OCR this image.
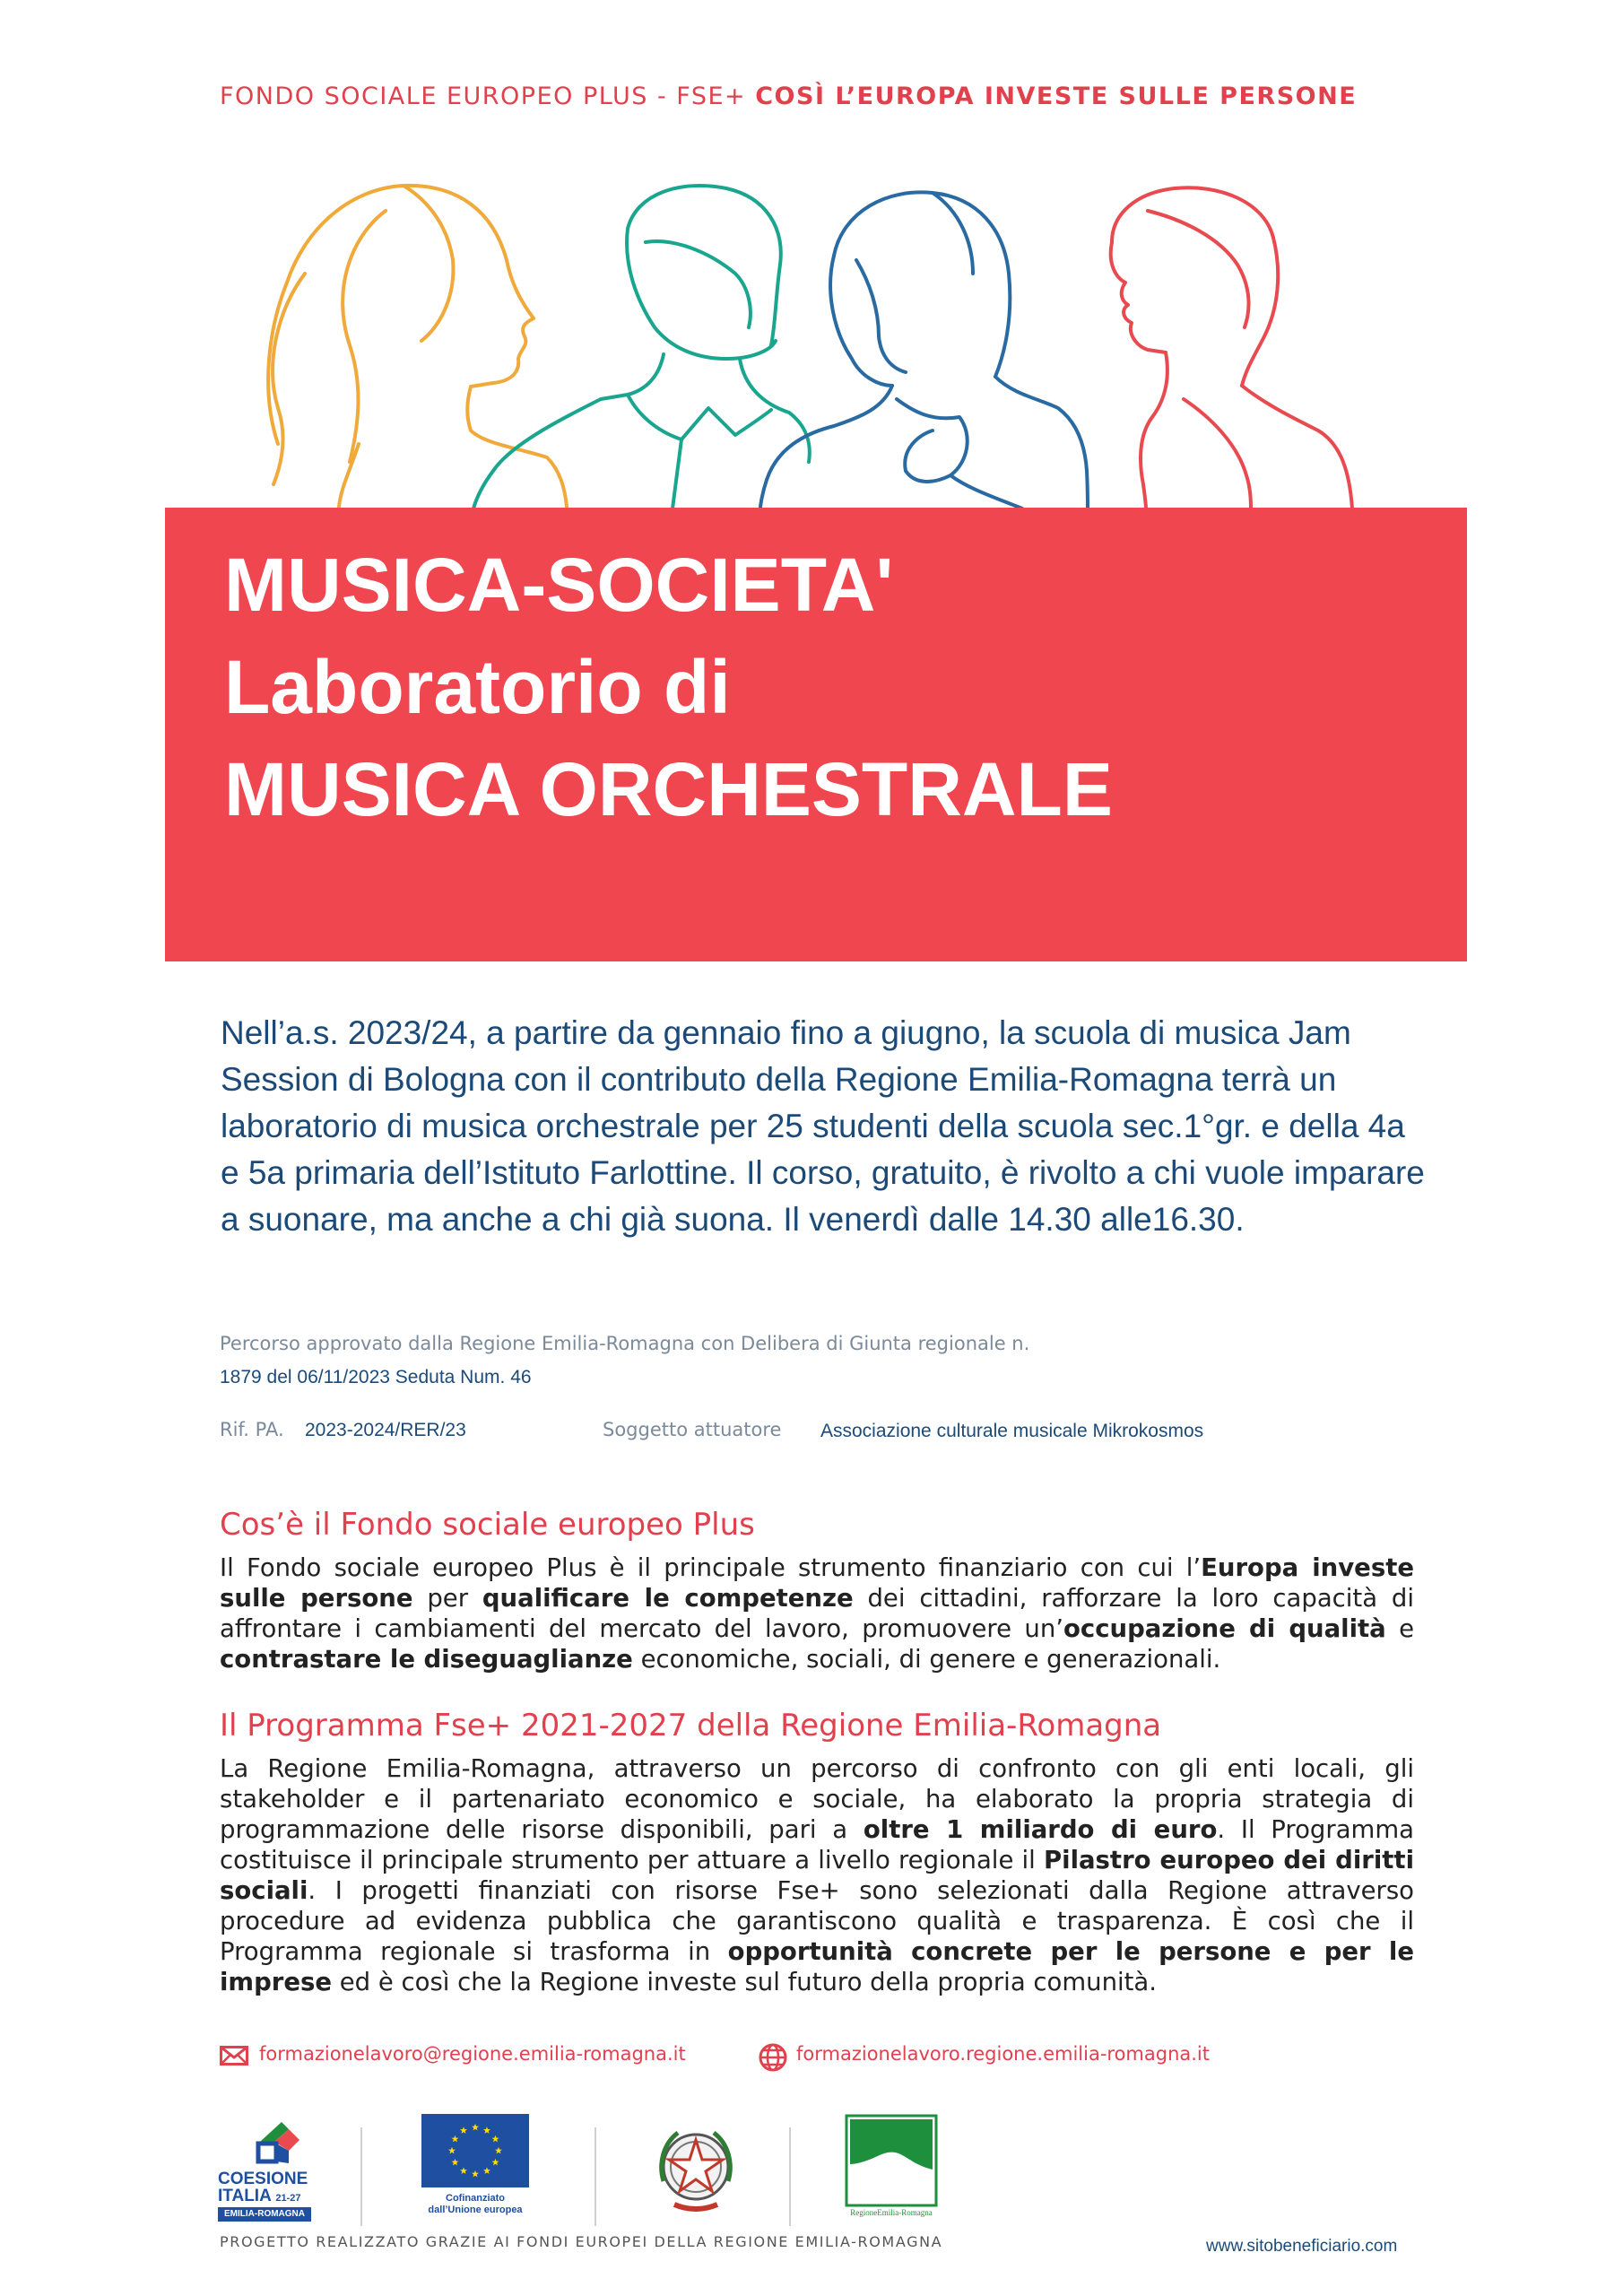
FONDO SOCIALE EUROPEO PLUS - FSE+ COSÌ L’EUROPA INVESTE SULLE PERSONE
MUSICA-SOCIETA'
Laboratorio di
MUSICA ORCHESTRALE
Nell’a.s. 2023/24, a partire da gennaio fino a giugno, la scuola di musica Jam Session di Bologna con il contributo della Regione Emilia-Romagna terrà un laboratorio di musica orchestrale per 25 studenti della scuola sec.1°gr. e della 4a e 5a primaria dell’Istituto Farlottine. Il corso, gratuito, è rivolto a chi vuole imparare a suonare, ma anche a chi già suona. Il venerdì dalle 14.30 alle16.30.
Percorso approvato dalla Regione Emilia-Romagna con Delibera di Giunta regionale n.
1879 del 06/11/2023 Seduta Num. 46
Rif. PA. 2023-2024/RER/23	Soggetto attuatore Associazione culturale musicale Mikrokosmos
Cos’è il Fondo sociale europeo Plus
Il Fondo sociale europeo Plus è il principale strumento finanziario con cui l’Europa investe sulle persone per qualificare le competenze dei cittadini, rafforzare la loro capacità di affrontare i cambiamenti del mercato del lavoro, promuovere un’occupazione di qualità e contrastare le diseguaglianze economiche, sociali, di genere e generazionali.
Il Programma Fse+ 2021-2027 della Regione Emilia-Romagna
La Regione Emilia-Romagna, attraverso un percorso di confronto con gli enti locali, gli stakeholder e il partenariato economico e sociale, ha elaborato la propria strategia di programmazione delle risorse disponibili, pari a oltre 1 miliardo di euro. Il Programma costituisce il principale strumento per attuare a livello regionale il Pilastro europeo dei diritti sociali. I progetti finanziati con risorse Fse+ sono selezionati dalla Regione attraverso procedure ad evidenza pubblica che garantiscono qualità e trasparenza. È così che il Programma regionale si trasforma in opportunità concrete per le persone e per le imprese ed è così che la Regione investe sul futuro della propria comunità.
formazionelavoro@regione.emilia-romagna.it	formazionelavoro.regione.emilia-romagna.it
COESIONE
ITALIA 21-27
EMILIA-ROMAGNA
Cofinanziato
dall’Unione europea	RegioneEmilia-Romagna
PROGETTO REALIZZATO GRAZIE AI FONDI EUROPEI DELLA REGIONE EMILIA-ROMAGNA	www.sitobeneficiario.com
